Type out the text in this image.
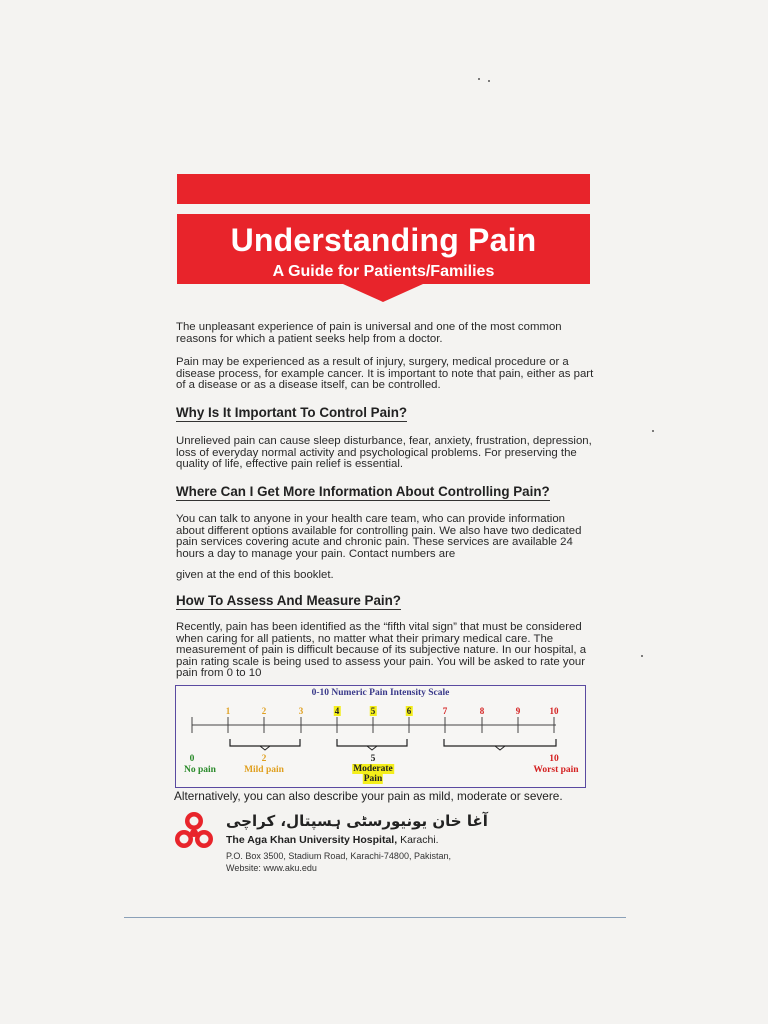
Understanding Pain
A Guide for Patients/Families

The unpleasant experience of pain is universal and one of the most common reasons for which a patient seeks help from a doctor.

Pain may be experienced as a result of injury, surgery, medical procedure or a disease process, for example cancer. It is important to note that pain, either as part of a disease or as a disease itself, can be controlled.

Why Is It Important To Control Pain?

Unrelieved pain can cause sleep disturbance, fear, anxiety, frustration, depression, loss of everyday normal activity and psychological problems. For preserving the quality of life, effective pain relief is essential.

Where Can I Get More Information About Controlling Pain?

You can talk to anyone in your health care team, who can provide information about different options available for controlling pain. We also have two dedicated pain services covering acute and chronic pain. These services are available 24 hours a day to manage your pain. Contact numbers are

given at the end of this booklet.

How To Assess And Measure Pain?

Recently, pain has been identified as the “fifth vital sign” that must be considered when caring for all patients, no matter what their primary medical care. The measurement of pain is difficult because of its subjective nature. In our hospital, a pain rating scale is being used to assess your pain. You will be asked to rate your pain from 0 to 10

0-10 Numeric Pain Intensity Scale
1	2	3	4	5	6	7	8	9	10
0
No pain
2
Mild pain
5
Moderate
Pain
10
Worst pain

Alternatively, you can also describe your pain as mild, moderate or severe.

آغا خان یونیورسٹی ہسپتال، کراچی

The Aga Khan University Hospital, Karachi.

P.O. Box 3500, Stadium Road, Karachi-74800, Pakistan,

Website: www.aku.edu
